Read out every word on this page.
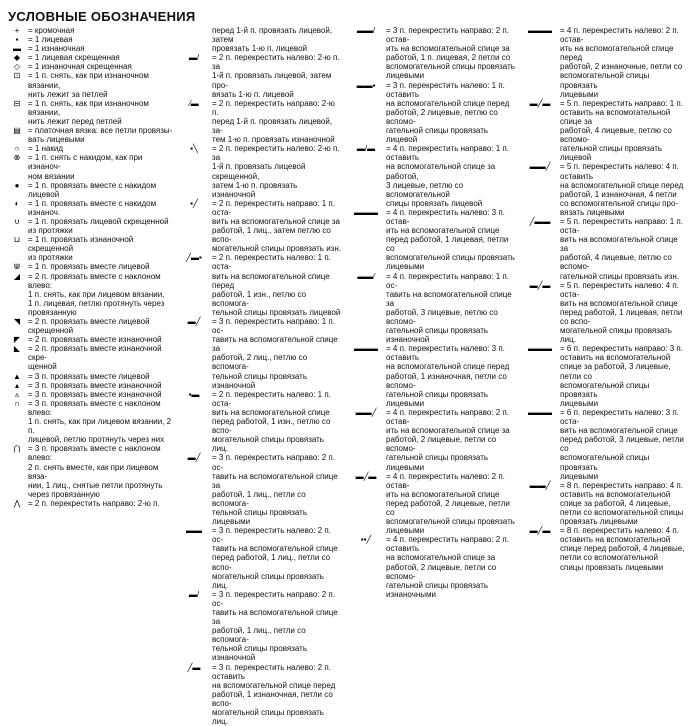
УСЛОВНЫЕ ОБОЗНАЧЕНИЯ
+	= кромочная
▪	= 1 лицевая
▬ = 1 изнаночная
◆ = 1 лицевая скрещенная
◇ = 1 изнаночная скрещенная
⊡ = 1 п. снять, как при изнаночном вязании,
нить лежит за петлей
⊟ = 1 п. снять, как при изнаночном вязании,
нить лежит перед петлей
▤ = платочная вязка: все петли провязы-
вать лицевыми
○	= 1 накид
⊗ = 1 п. снять с накидом, как при изнаноч-
ном вязании
●	= 1 п. провязать вместе с накидом лицевой
◐	= 1 п. провязать вместе с накидом изнаноч.
∪	= 1 п. провязать лицевой скрещенной
из протяжки
⊔ = 1 п. провязать изнаночной скрещенной
из протяжки
⋓ = 1 п. провязать вместе лицевой
◢ = 2 п. провязать вместе с наклоном влево:
1 п. снять, как при лицевом вязании,
1 п. лицевая, петлю протянуть через
провязанную
◥ = 2 п. провязать вместе лицевой скрещенной
◤ = 2 п. провязать вместе изнаночной
◣ = 2 п. провязать вместе изнаночной скре-
щенной
▲ = 3 п. провязать вместе лицевой
▴	= 3 п. провязать вместе изнаночной
▵	= 3 п. провязать вместе изнаночной
∩	= 3 п. провязать вместе с наклоном влево:
1 п. снять, как при лицевом вязании, 2 п.
лицевой, петлю протянуть через них
⋂ = 3 п. провязать вместе с наклоном влево:
2 п. снять вместе, как при лицевом вяза-
нии, 1 лиц., снятые петли протянуть
через провязанную
⋀ = 2 п. перекрестить направо: 2-ю п.
перед 1-й п. провязать лицевой, затем
провязать 1-ю п. лицевой
▬/	= 2 п. перекрестить налево: 2-ю п. за
1-й п. провязать лицевой, затем про-
вязать 1-ю п. лицевой
⁄▬	= 2 п. перекрестить направо: 2-ю п.
перед 1-й п. провязать лицевой, за-
тем 1-ю п. провязать изнаночной
▪╲	= 2 п. перекрестить налево: 2-ю п. за
1-й п. провязать лицевой скрещенной,
затем 1-ю п. провязать изнаночной
▪╱	= 2 п. перекрестить направо: 1 п. оста-
вить на вспомогательной спице за
работой, 1 лиц., затем петлю со вспо-
могательной спицы провязать изн.
╱▬▪	= 2 п. перекрестить налево: 1 п. оста-
вить на вспомогательной спице перед
работой, 1 изн., петлю со вспомога-
тельной спицы провязать лицевой
▬╱	= 3 п. перекрестить направо: 1 п. ос-
тавить на вспомогательной спице за
работой, 2 лиц., петлю со вспомога-
тельной спицы провязать изнаночной
▪▬	= 2 п. перекрестить налево: 1 п. оста-
вить на вспомогательной спице
перед работой, 1 изн., петлю со вспо-
могательной спицы провязать лиц.
▬╱	= 3 п. перекрестить направо: 2 п. ос-
тавить на вспомогательной спице за
работой, 1 лиц., петли со вспомога-
тельной спицы провязать лицевыми
▬▬	= 3 п. перекрестить налево: 2 п. ос-
тавить на вспомогательной спице
перед работой, 1 лиц., петли со вспо-
могательной спицы провязать лиц.
▬/	= 3 п. перекрестить направо: 2 п. ос-
тавить на вспомогательной спице за
работой, 1 лиц., петли со вспомога-
тельной спицы провязать изнаночной
╱▬	= 3 п. перекрестить налево: 2 п. оставить
на вспомогательной спице перед
работой, 1 изнаночная, петли со вспо-
могательной спицы провязать лиц.
▬▬/	= 3 п. перекрестить направо: 2 п. остав-
ить на вспомогательной спице за
работой, 1 п. лицевая, 2 петли со
вспомогательной спицы провязать
лицевыми
▬▬▪	= 3 п. перекрестить налево: 1 п. оставить
на вспомогательной спице перед
работой, 2 лицевые, петлю со вспомо-
гательной спицы провязать лицевой
▬/▬	= 4 п. перекрестить направо: 1 п. оставить
на вспомогательной спице за работой,
3 лицевые, петлю со вспомогательной
спицы провязать лицевой
▬▬▬	= 4 п. перекрестить налево: 3 п. остав-
ить на вспомогательной спице
перед работой, 1 лицевая, петли со
вспомогательной спицы провязать
лицевыми
▬▬⁄	= 4 п. перекрестить направо: 1 п. ос-
тавить на вспомогательной спице за
работой, 3 лицевые, петлю со вспомо-
гательной спицы провязать изнаночной
▬▬▬	= 4 п. перекрестить налево: 3 п. оставить
на вспомогательной спице перед
работой, 1 изнаночная, петли со вспомо-
гательной спицы провязать лицевыми
▬▬╱	= 4 п. перекрестить направо: 2 п. остав-
ить на вспомогательной спице за
работой, 2 лицевые, петли со вспомо-
гательной спицы провязать лицевыми
▬╱▬	= 4 п. перекрестить налево: 2 п. остав-
ить на вспомогательной спице
перед работой, 2 лицевые, петли со
вспомогательной спицы провязать
лицевыми
▪▪╱	= 4 п. перекрестить направо: 2 п. оставить
на вспомогательной спице за
работой, 2 лицевые, петли со вспомо-
гательной спицы провязать изнаночными
▬▬▬	= 4 п. перекрестить налево: 2 п. остав-
ить на вспомогательной спице перед
работой, 2 изнаночные, петли со
вспомогательной спицы провязать
лицевыми
▬╱▬	= 5 п. перекрестить направо: 1 п.
оставить на вспомогательной спице за
работой, 4 лицевые, петлю со вспомо-
гательной спицы провязать лицевой
▬▬╱	= 5 п. перекрестить налево: 4 п. оставить
на вспомогательной спице перед
работой, 1 изнаночная, 4 петли
со вспомогательной спицы про-
вязать лицевыми
╱▬▬	= 5 п. перекрестить направо: 1 п. оста-
вить на вспомогательной спице за
работой, 4 лицевые, петлю со вспомо-
гательной спицы провязать изн.
▬╱▬	= 5 п. перекрестить налево: 4 п. оста-
вить на вспомогательной спице
перед работой, 1 лицевая, петли со вспо-
могательной спицы провязать лиц.
▬▬▬	= 6 п. перекрестить направо: 3 п.
оставить на вспомогательной
спице за работой, 3 лицевые, петли со
вспомогательной спицы провязать
лицевыми
▬▬▬	= 6 п. перекрестить налево: 3 п. оста-
вить на вспомогательной спице
перед работой, 3 лицевые, петли со
вспомогательной спицы провязать
лицевыми
▬▬╱	= 8 п. перекрестить направо: 4 п.
оставить на вспомогательной
спице за работой, 4 лицевые,
петли со вспомогательной спицы
провязать лицевыми
▬╱▬	= 8 п. перекрестить налево: 4 п.
оставить на вспомогательной
спице перед работой, 4 лицевые,
петли со вспомогательной
спицы провязать лицевыми
